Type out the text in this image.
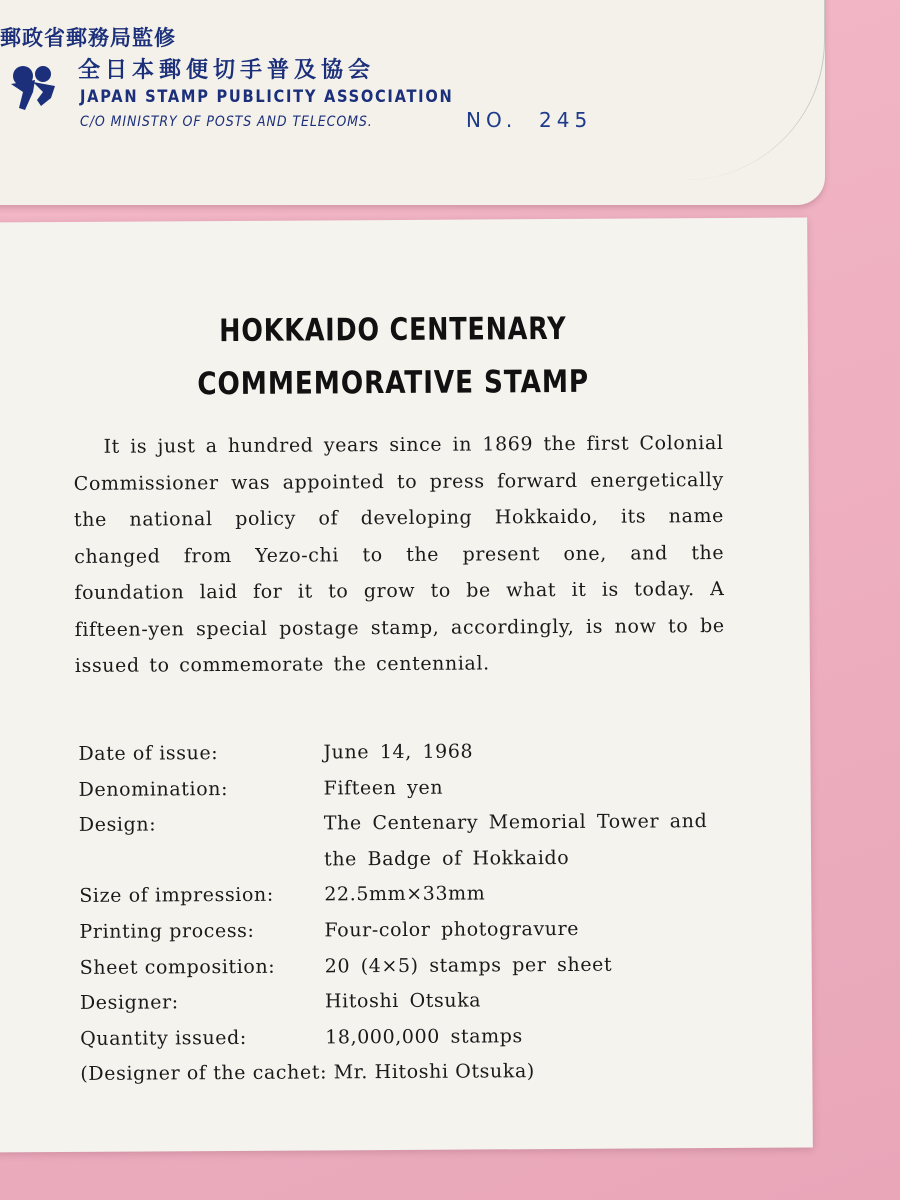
郵政省郵務局監修
全日本郵便切手普及協会
JAPAN STAMP PUBLICITY ASSOCIATION
C/O MINISTRY OF POSTS AND TELECOMS.	NO. 245
HOKKAIDO CENTENARY
COMMEMORATIVE STAMP
It is just a hundred years since in 1869 the first Colonial Commissioner was appointed to press forward energetically the national policy of developing Hokkaido, its name changed from Yezo-chi to the present one, and the foundation laid for it to grow to be what it is today. A fifteen-yen special postage stamp, accordingly, is now to be issued to commemorate the centennial.
Date of issue:	June 14, 1968
Denomination:	Fifteen yen
Design:	The Centenary Memorial Tower and the Badge of Hokkaido
Size of impression:	22.5mm×33mm
Printing process:	Four-color photogravure
Sheet composition:	20 (4×5) stamps per sheet
Designer:	Hitoshi Otsuka
Quantity issued:	18,000,000 stamps
(Designer of the cachet: Mr. Hitoshi Otsuka)
